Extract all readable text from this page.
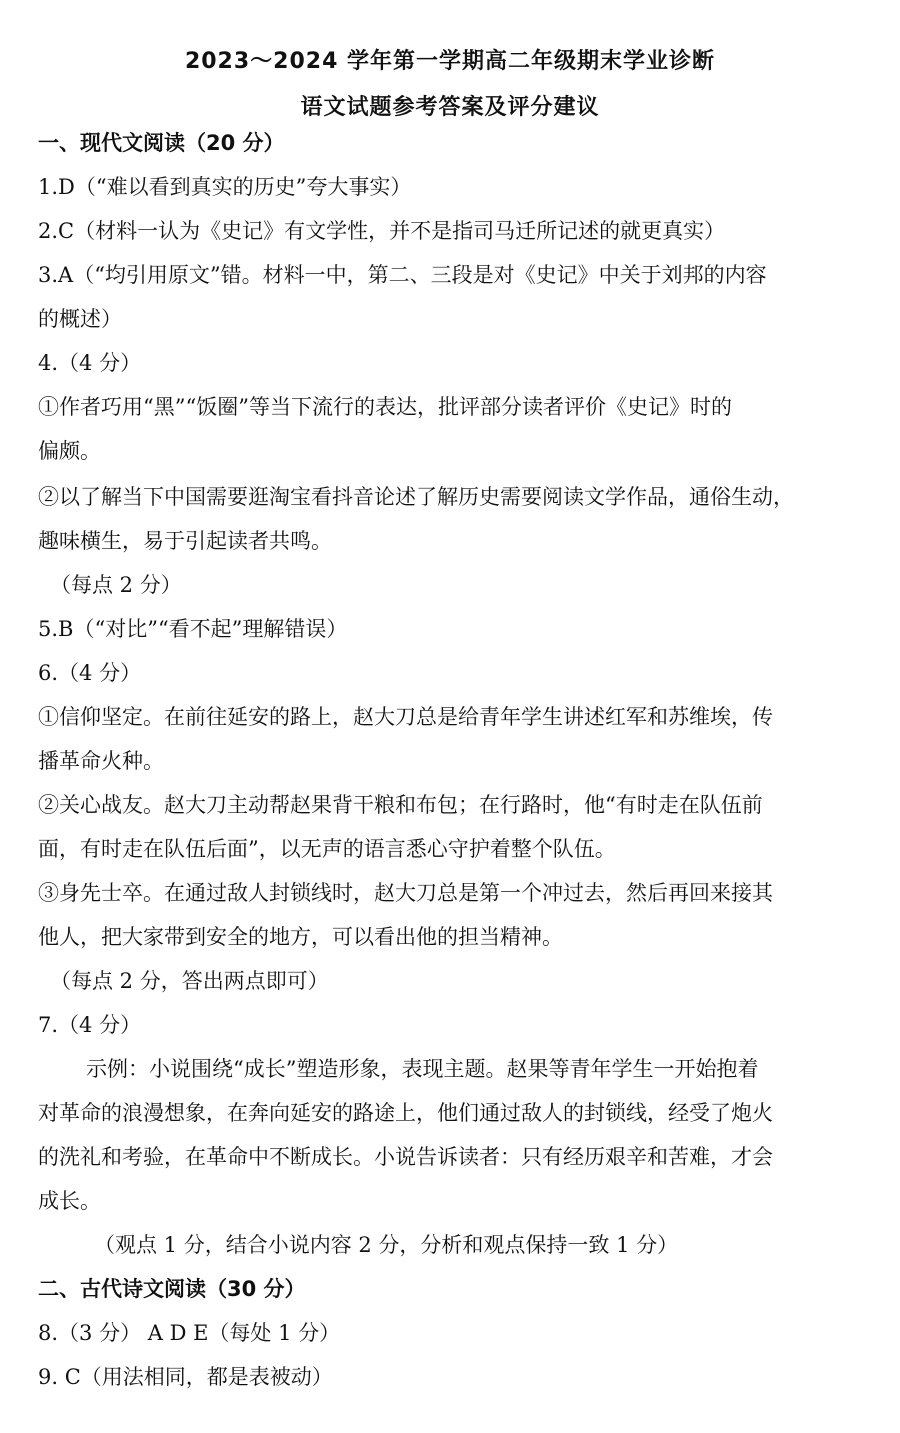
2023～2024 学年第一学期高二年级期末学业诊断
语文试题参考答案及评分建议
一、现代文阅读（20 分）
1.D（“难以看到真实的历史”夸大事实）
2.C（材料一认为《史记》有文学性，并不是指司马迁所记述的就更真实）
3.A（“均引用原文”错。材料一中，第二、三段是对《史记》中关于刘邦的内容
的概述）
4.（4 分）
①作者巧用“黑”“饭圈”等当下流行的表达，批评部分读者评价《史记》时的
偏颇。
②以了解当下中国需要逛淘宝看抖音论述了解历史需要阅读文学作品，通俗生动，
趣味横生，易于引起读者共鸣。
（每点 2 分）
5.B（“对比”“看不起”理解错误）
6.（4 分）
①信仰坚定。在前往延安的路上，赵大刀总是给青年学生讲述红军和苏维埃，传
播革命火种。
②关心战友。赵大刀主动帮赵果背干粮和布包；在行路时，他“有时走在队伍前
面，有时走在队伍后面”，以无声的语言悉心守护着整个队伍。
③身先士卒。在通过敌人封锁线时，赵大刀总是第一个冲过去，然后再回来接其
他人，把大家带到安全的地方，可以看出他的担当精神。
（每点 2 分，答出两点即可）
7.（4 分）
示例：小说围绕“成长”塑造形象，表现主题。赵果等青年学生一开始抱着
对革命的浪漫想象，在奔向延安的路途上，他们通过敌人的封锁线，经受了炮火
的洗礼和考验，在革命中不断成长。小说告诉读者：只有经历艰辛和苦难，才会
成长。
（观点 1 分，结合小说内容 2 分，分析和观点保持一致 1 分）
二、古代诗文阅读（30 分）
8.（3 分） A D E（每处 1 分）
9. C（用法相同，都是表被动）
